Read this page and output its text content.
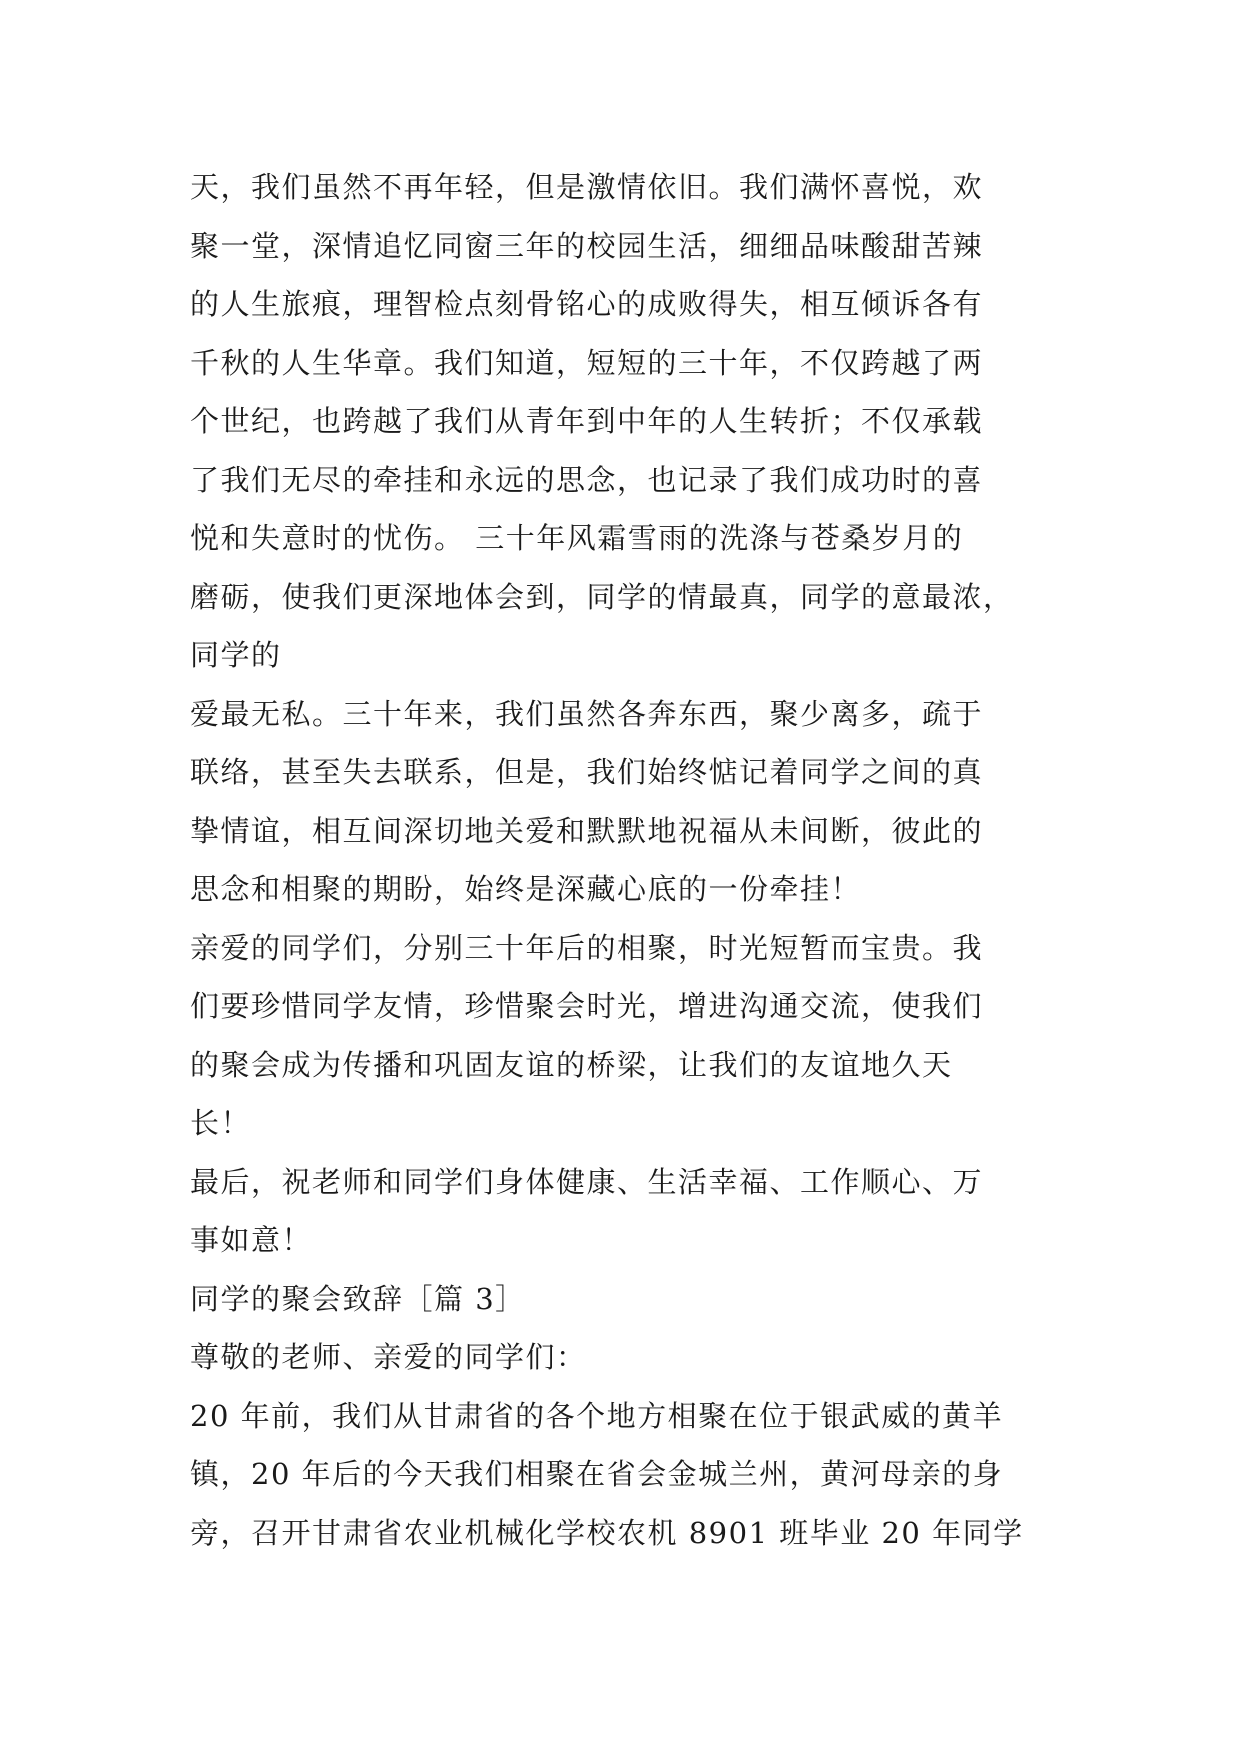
天，我们虽然不再年轻，但是激情依旧。我们满怀喜悦，欢
聚一堂，深情追忆同窗三年的校园生活，细细品味酸甜苦辣
的人生旅痕，理智检点刻骨铭心的成败得失，相互倾诉各有
千秋的人生华章。我们知道，短短的三十年，不仅跨越了两
个世纪，也跨越了我们从青年到中年的人生转折；不仅承载
了我们无尽的牵挂和永远的思念，也记录了我们成功时的喜
悦和失意时的忧伤。 三十年风霜雪雨的洗涤与苍桑岁月的
磨砺，使我们更深地体会到，同学的情最真，同学的意最浓，
同学的
爱最无私。三十年来，我们虽然各奔东西，聚少离多，疏于
联络，甚至失去联系，但是，我们始终惦记着同学之间的真
挚情谊，相互间深切地关爱和默默地祝福从未间断，彼此的
思念和相聚的期盼，始终是深藏心底的一份牵挂！
亲爱的同学们，分别三十年后的相聚，时光短暂而宝贵。我
们要珍惜同学友情，珍惜聚会时光，增进沟通交流，使我们
的聚会成为传播和巩固友谊的桥梁，让我们的友谊地久天
长！
最后，祝老师和同学们身体健康、生活幸福、工作顺心、万
事如意！
同学的聚会致辞［篇 3］
尊敬的老师、亲爱的同学们：
20 年前，我们从甘肃省的各个地方相聚在位于银武威的黄羊
镇，20 年后的今天我们相聚在省会金城兰州，黄河母亲的身
旁，召开甘肃省农业机械化学校农机 8901 班毕业 20 年同学
